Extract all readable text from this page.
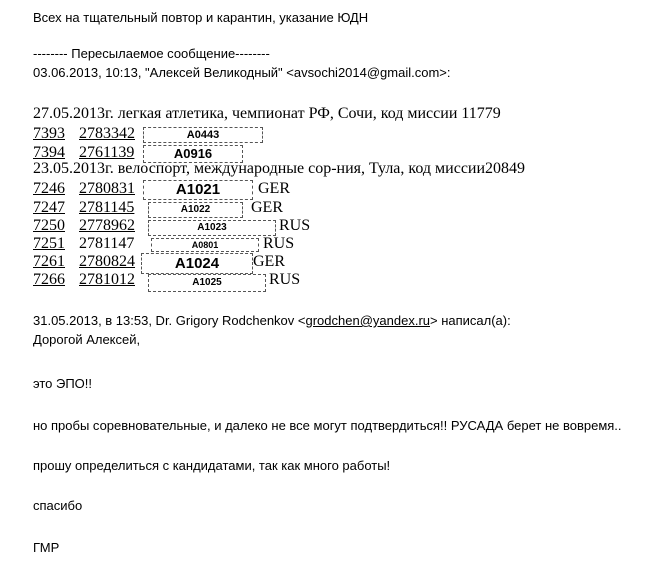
Всех на тщательный повтор и карантин, указание ЮДН
-------- Пересылаемое сообщение--------
03.06.2013, 10:13, "Алексей Великодный" <avsochi2014@gmail.com>:
27.05.2013г. легкая атлетика, чемпионат РФ, Сочи, код миссии 11779
7393 2783342	A0443
7394 2761139	A0916
23.05.2013г. велоспорт, международные сор-ния, Тула, код миссии20849
7246 2780831	A1021	GER
7247 2781145	A1022	GER
7250 2778962	A1023	RUS
7251 2781147	A0801	RUS
7261 2780824	A1024	GER
7266 2781012	A1025	RUS
31.05.2013, в 13:53, Dr. Grigory Rodchenkov <grodchen@yandex.ru> написал(а):
Дорогой Алексей,
это ЭПО!!
но пробы соревновательные, и далеко не все могут подтвердиться!! РУСАДА берет не вовремя..
прошу определиться с кандидатами, так как много работы!
спасибо
ГМР
